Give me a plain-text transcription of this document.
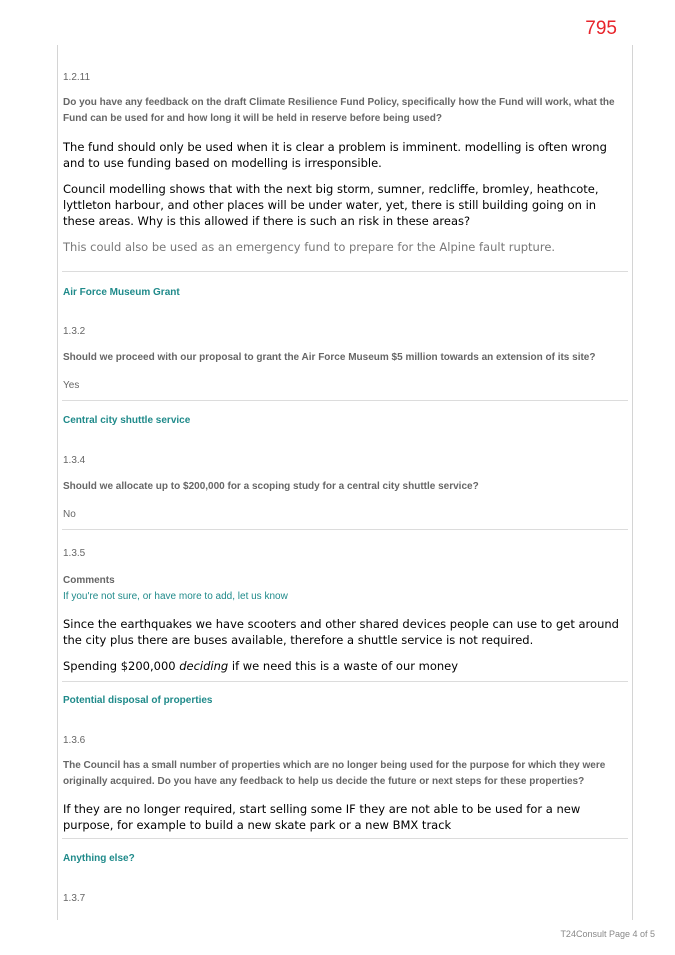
795
1.2.11
Do you have any feedback on the draft Climate Resilience Fund Policy, specifically how the Fund will work, what the Fund can be used for and how long it will be held in reserve before being used?
The fund should only be used when it is clear a problem is imminent. modelling is often wrong and to use funding based on modelling is irresponsible.
Council modelling shows that with the next big storm, sumner, redcliffe, bromley, heathcote, lyttleton harbour, and other places will be under water, yet, there is still building going on in these areas. Why is this allowed if there is such an risk in these areas?
This could also be used as an emergency fund to prepare for the Alpine fault rupture.
Air Force Museum Grant
1.3.2
Should we proceed with our proposal to grant the Air Force Museum $5 million towards an extension of its site?
Yes
Central city shuttle service
1.3.4
Should we allocate up to $200,000 for a scoping study for a central city shuttle service?
No
1.3.5
Comments
If you're not sure, or have more to add, let us know
Since the earthquakes we have scooters and other shared devices people can use to get around the city plus there are buses available, therefore a shuttle service is not required.
Spending $200,000 deciding if we need this is a waste of our money
Potential disposal of properties
1.3.6
The Council has a small number of properties which are no longer being used for the purpose for which they were originally acquired. Do you have any feedback to help us decide the future or next steps for these properties?
If they are no longer required, start selling some IF they are not able to be used for a new purpose, for example to build a new skate park or a new BMX track
Anything else?
1.3.7
T24Consult Page 4 of 5
